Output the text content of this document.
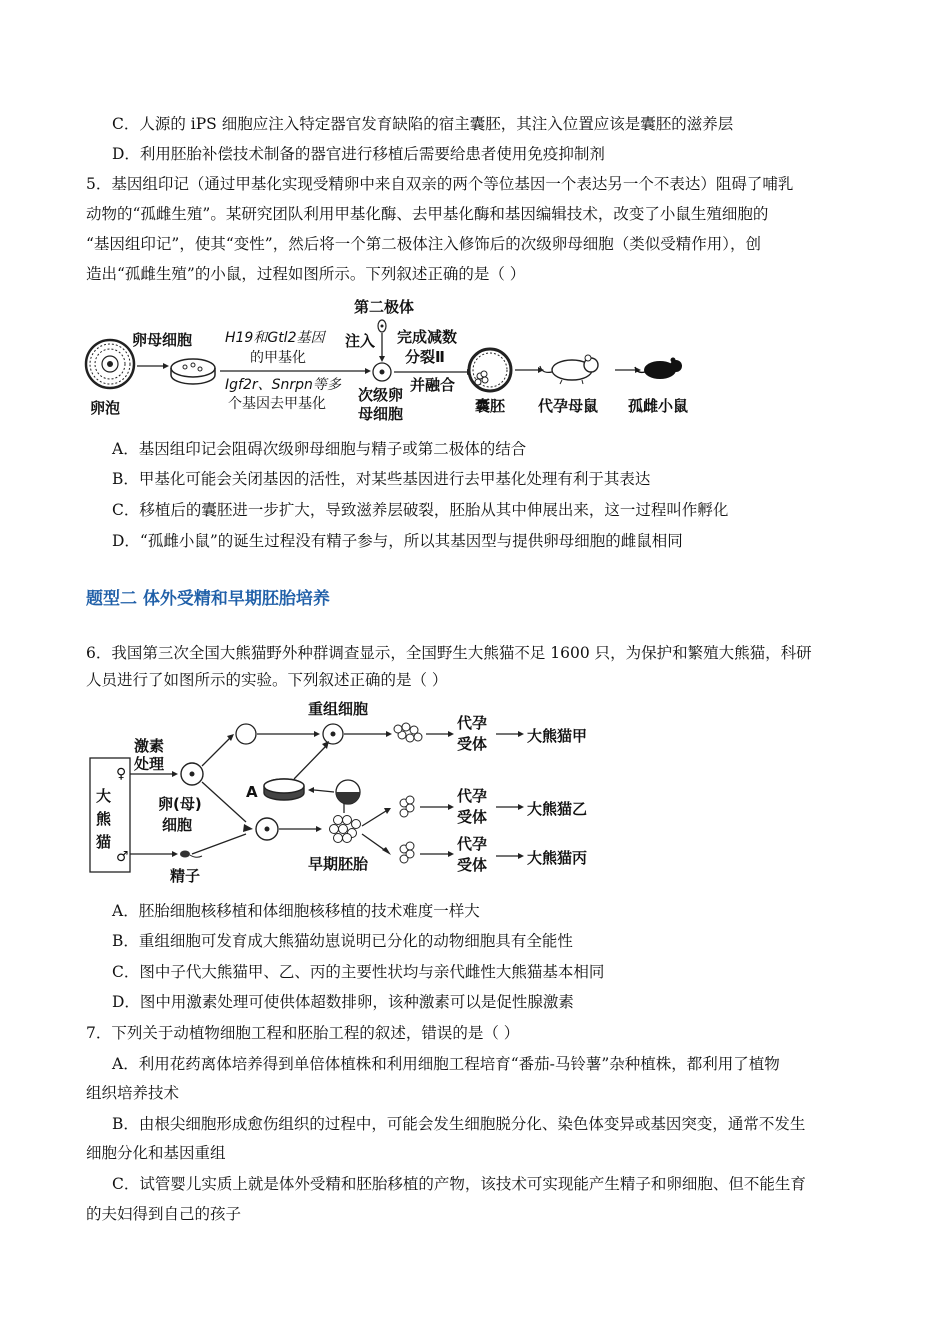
C．人源的 iPS 细胞应注入特定器官发育缺陷的宿主囊胚，其注入位置应该是囊胚的滋养层
D．利用胚胎补偿技术制备的器官进行移植后需要给患者使用免疫抑制剂
5．基因组印记（通过甲基化实现受精卵中来自双亲的两个等位基因一个表达另一个不表达）阻碍了哺乳
动物的“孤雌生殖”。某研究团队利用甲基化酶、去甲基化酶和基因编辑技术，改变了小鼠生殖细胞的
“基因组印记”，使其“变性”，然后将一个第二极体注入修饰后的次级卵母细胞（类似受精作用），创
造出“孤雌生殖”的小鼠，过程如图所示。下列叙述正确的是（ ）
卵泡
卵母细胞 H19和Gtl2基因
的甲基化
Igf2r、Snrpn等多
个基因去甲基化
第二极体
注入
次级卵
母细胞
完成减数
分裂Ⅱ
并融合
囊胚 代孕母鼠 孤雌小鼠
A．基因组印记会阻碍次级卵母细胞与精子或第二极体的结合
B．甲基化可能会关闭基因的活性，对某些基因进行去甲基化处理有利于其表达
C．移植后的囊胚进一步扩大，导致滋养层破裂，胚胎从其中伸展出来，这一过程叫作孵化
D．“孤雌小鼠”的诞生过程没有精子参与，所以其基因型与提供卵母细胞的雌鼠相同
题型二 体外受精和早期胚胎培养
6．我国第三次全国大熊猫野外种群调查显示，全国野生大熊猫不足 1600 只，为保护和繁殖大熊猫，科研
人员进行了如图所示的实验。下列叙述正确的是（ ）
大
熊
猫
♀
♂
激素
处理
卵(母)
细胞
精子
重组细胞
代孕
受体	大熊猫甲
早期胚胎
A	代孕
受体
代孕
受体
大熊猫乙
大熊猫丙
A．胚胎细胞核移植和体细胞核移植的技术难度一样大
B．重组细胞可发育成大熊猫幼崽说明已分化的动物细胞具有全能性
C．图中子代大熊猫甲、乙、丙的主要性状均与亲代雌性大熊猫基本相同
D．图中用激素处理可使供体超数排卵，该种激素可以是促性腺激素
7．下列关于动植物细胞工程和胚胎工程的叙述，错误的是（ ）
A．利用花药离体培养得到单倍体植株和利用细胞工程培育“番茄-马铃薯”杂种植株，都利用了植物
组织培养技术
B．由根尖细胞形成愈伤组织的过程中，可能会发生细胞脱分化、染色体变异或基因突变，通常不发生
细胞分化和基因重组
C．试管婴儿实质上就是体外受精和胚胎移植的产物，该技术可实现能产生精子和卵细胞、但不能生育
的夫妇得到自己的孩子
